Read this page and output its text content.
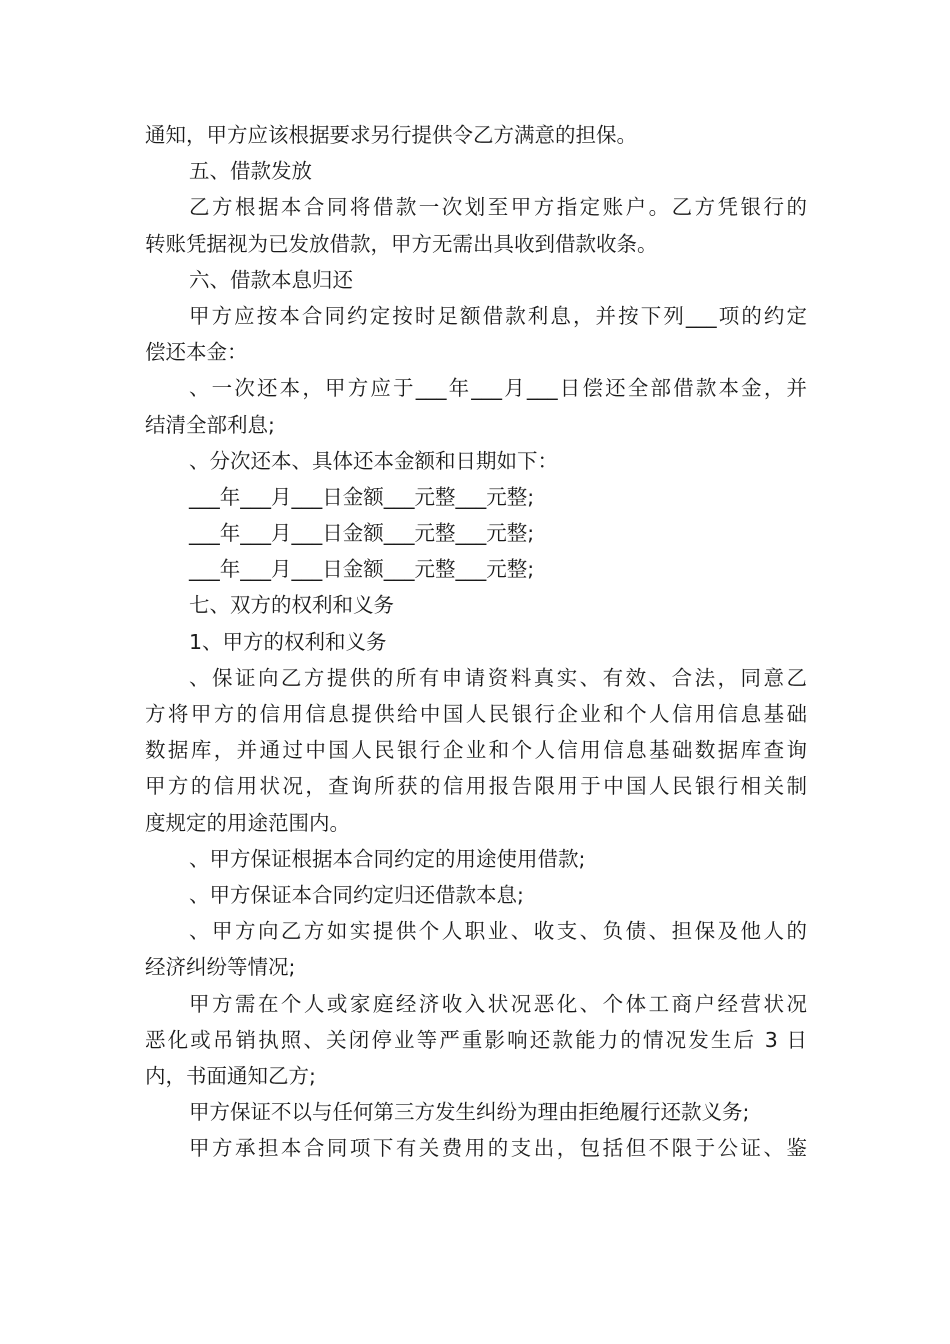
通知，甲方应该根据要求另行提供令乙方满意的担保。
五、借款发放
乙方根据本合同将借款一次划至甲方指定账户。乙方凭银行的
转账凭据视为已发放借款，甲方无需出具收到借款收条。
六、借款本息归还
甲方应按本合同约定按时足额借款利息，并按下列___项的约定
偿还本金：
、一次还本，甲方应于___年___月___日偿还全部借款本金，并
结清全部利息;
、分次还本、具体还本金额和日期如下：
___年___月___日金额___元整___元整;
___年___月___日金额___元整___元整;
___年___月___日金额___元整___元整;
七、双方的权利和义务
1、甲方的权利和义务
、保证向乙方提供的所有申请资料真实、有效、合法，同意乙
方将甲方的信用信息提供给中国人民银行企业和个人信用信息基础
数据库，并通过中国人民银行企业和个人信用信息基础数据库查询
甲方的信用状况，查询所获的信用报告限用于中国人民银行相关制
度规定的用途范围内。
、甲方保证根据本合同约定的用途使用借款;
、甲方保证本合同约定归还借款本息;
、甲方向乙方如实提供个人职业、收支、负债、担保及他人的
经济纠纷等情况;
甲方需在个人或家庭经济收入状况恶化、个体工商户经营状况
恶化或吊销执照、关闭停业等严重影响还款能力的情况发生后 3 日
内，书面通知乙方;
甲方保证不以与任何第三方发生纠纷为理由拒绝履行还款义务;
甲方承担本合同项下有关费用的支出，包括但不限于公证、鉴
